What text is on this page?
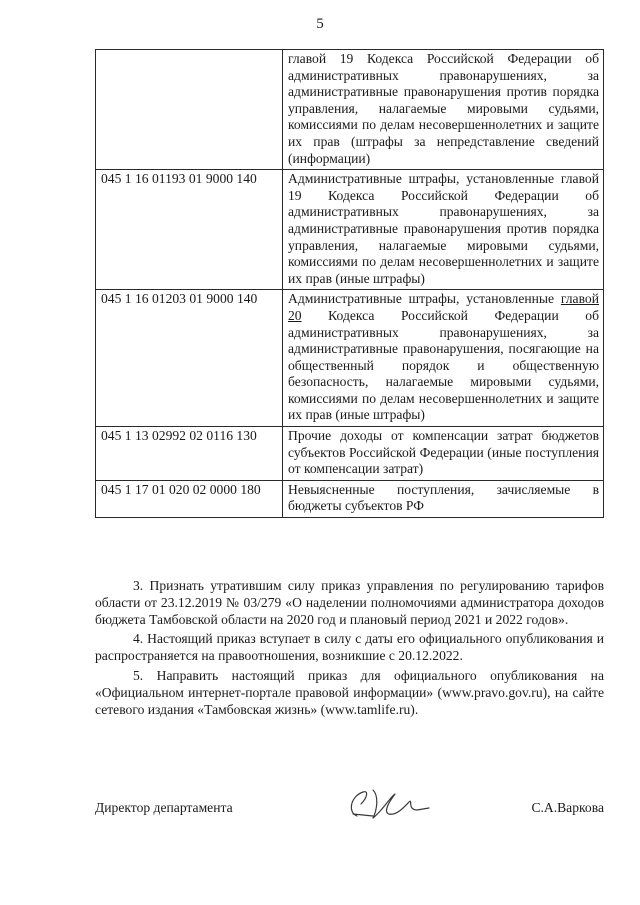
5
	главой 19 Кодекса Российской Федерации об административных правонарушениях, за административные правонарушения против порядка управления, налагаемые мировыми судьями, комиссиями по делам несовершеннолетних и защите их прав (штрафы за непредставление сведений (информации)
045 1 16 01193 01 9000 140	Административные штрафы, установленные главой 19 Кодекса Российской Федерации об административных правонарушениях, за административные правонарушения против порядка управления, налагаемые мировыми судьями, комиссиями по делам несовершеннолетних и защите их прав (иные штрафы)
045 1 16 01203 01 9000 140	Административные штрафы, установленные главой 20 Кодекса Российской Федерации об административных правонарушениях, за административные правонарушения, посягающие на общественный порядок и общественную безопасность, налагаемые мировыми судьями, комиссиями по делам несовершеннолетних и защите их прав (иные штрафы)
045 1 13 02992 02 0116 130	Прочие доходы от компенсации затрат бюджетов субъектов Российской Федерации (иные поступления от компенсации затрат)
045 1 17 01 020 02 0000 180	Невыясненные поступления, зачисляемые в бюджеты субъектов РФ

3. Признать утратившим силу приказ управления по регулированию тарифов области от 23.12.2019 № 03/279 «О наделении полномочиями администратора доходов бюджета Тамбовской области на 2020 год и плановый период 2021 и 2022 годов».

4. Настоящий приказ вступает в силу с даты его официального опубликования и распространяется на правоотношения, возникшие с 20.12.2022.

5. Направить настоящий приказ для официального опубликования на «Официальном интернет-портале правовой информации» (www.pravo.gov.ru), на сайте сетевого издания «Тамбовская жизнь» (www.tamlife.ru).

Директор департамента	С.А.Варкова
